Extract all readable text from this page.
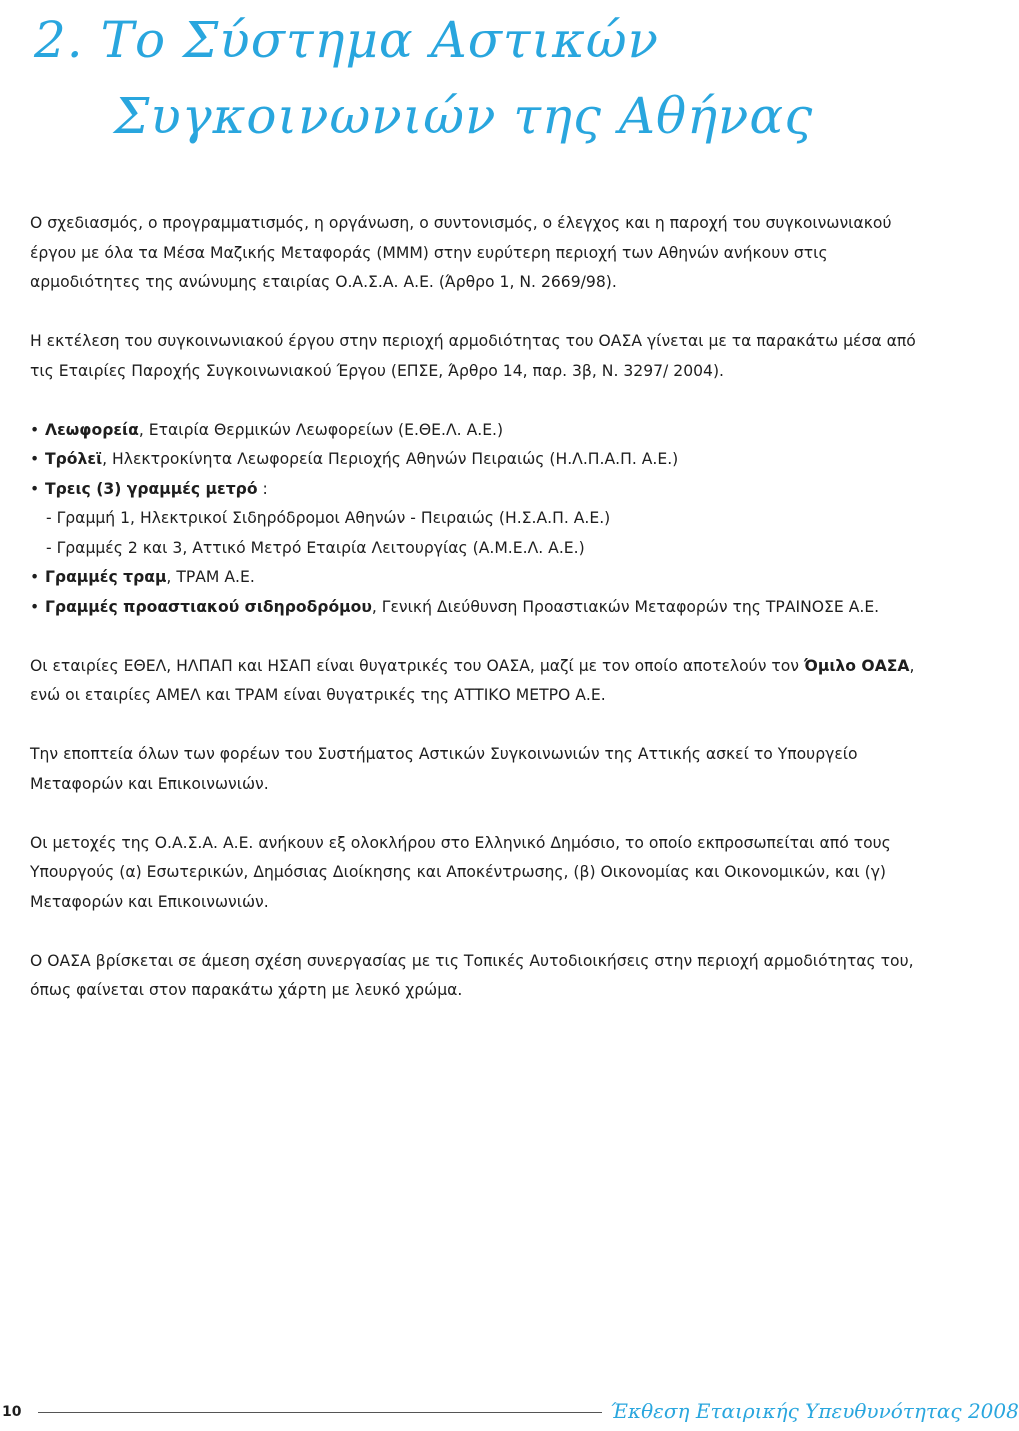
2. Το Σύστημα Αστικών
Συγκοινωνιών της Αθήνας

Ο σχεδιασμός, ο προγραμματισμός, η οργάνωση, ο συντονισμός, ο έλεγχος και η παροχή του συγκοινωνιακού έργου με όλα τα Μέσα Μαζικής Μεταφοράς (ΜΜΜ) στην ευρύτερη περιοχή των Αθηνών ανήκουν στις αρμοδιότητες της ανώνυμης εταιρίας Ο.Α.Σ.Α. Α.Ε. (Άρθρο 1, Ν. 2669/98).

Η εκτέλεση του συγκοινωνιακού έργου στην περιοχή αρμοδιότητας του ΟΑΣΑ γίνεται με τα παρακάτω μέσα από τις Εταιρίες Παροχής Συγκοινωνιακού Έργου (ΕΠΣΕ, Άρθρο 14, παρ. 3β, Ν. 3297/ 2004).

• Λεωφορεία, Εταιρία Θερμικών Λεωφορείων (Ε.ΘΕ.Λ. Α.Ε.)
• Τρόλεϊ, Ηλεκτροκίνητα Λεωφορεία Περιοχής Αθηνών Πειραιώς (Η.Λ.Π.Α.Π. Α.Ε.)
• Τρεις (3) γραμμές μετρό :
- Γραμμή 1, Ηλεκτρικοί Σιδηρόδρομοι Αθηνών - Πειραιώς (Η.Σ.Α.Π. Α.Ε.)
- Γραμμές 2 και 3, Αττικό Μετρό Εταιρία Λειτουργίας (Α.Μ.Ε.Λ. Α.Ε.)
• Γραμμές τραμ, ΤΡΑΜ Α.Ε.
• Γραμμές προαστιακού σιδηροδρόμου, Γενική Διεύθυνση Προαστιακών Μεταφορών της ΤΡΑΙΝΟΣΕ Α.Ε.

Οι εταιρίες ΕΘΕΛ, ΗΛΠΑΠ και ΗΣΑΠ είναι θυγατρικές του ΟΑΣΑ, μαζί με τον οποίο αποτελούν τον Όμιλο ΟΑΣΑ, ενώ οι εταιρίες ΑΜΕΛ και ΤΡΑΜ είναι θυγατρικές της ΑΤΤΙΚΟ ΜΕΤΡΟ Α.Ε.

Την εποπτεία όλων των φορέων του Συστήματος Αστικών Συγκοινωνιών της Αττικής ασκεί το Υπουργείο Μεταφορών και Επικοινωνιών.

Οι μετοχές της Ο.Α.Σ.Α. Α.Ε. ανήκουν εξ ολοκλήρου στο Ελληνικό Δημόσιο, το οποίο εκπροσωπείται από τους Υπουργούς (α) Εσωτερικών, Δημόσιας Διοίκησης και Αποκέντρωσης, (β) Οικονομίας και Οικονομικών, και (γ) Μεταφορών και Επικοινωνιών.

Ο ΟΑΣΑ βρίσκεται σε άμεση σχέση συνεργασίας με τις Τοπικές Αυτοδιοικήσεις στην περιοχή αρμοδιότητας του, όπως φαίνεται στον παρακάτω χάρτη με λευκό χρώμα.

10	Έκθεση Εταιρικής Υπευθυνότητας 2008
